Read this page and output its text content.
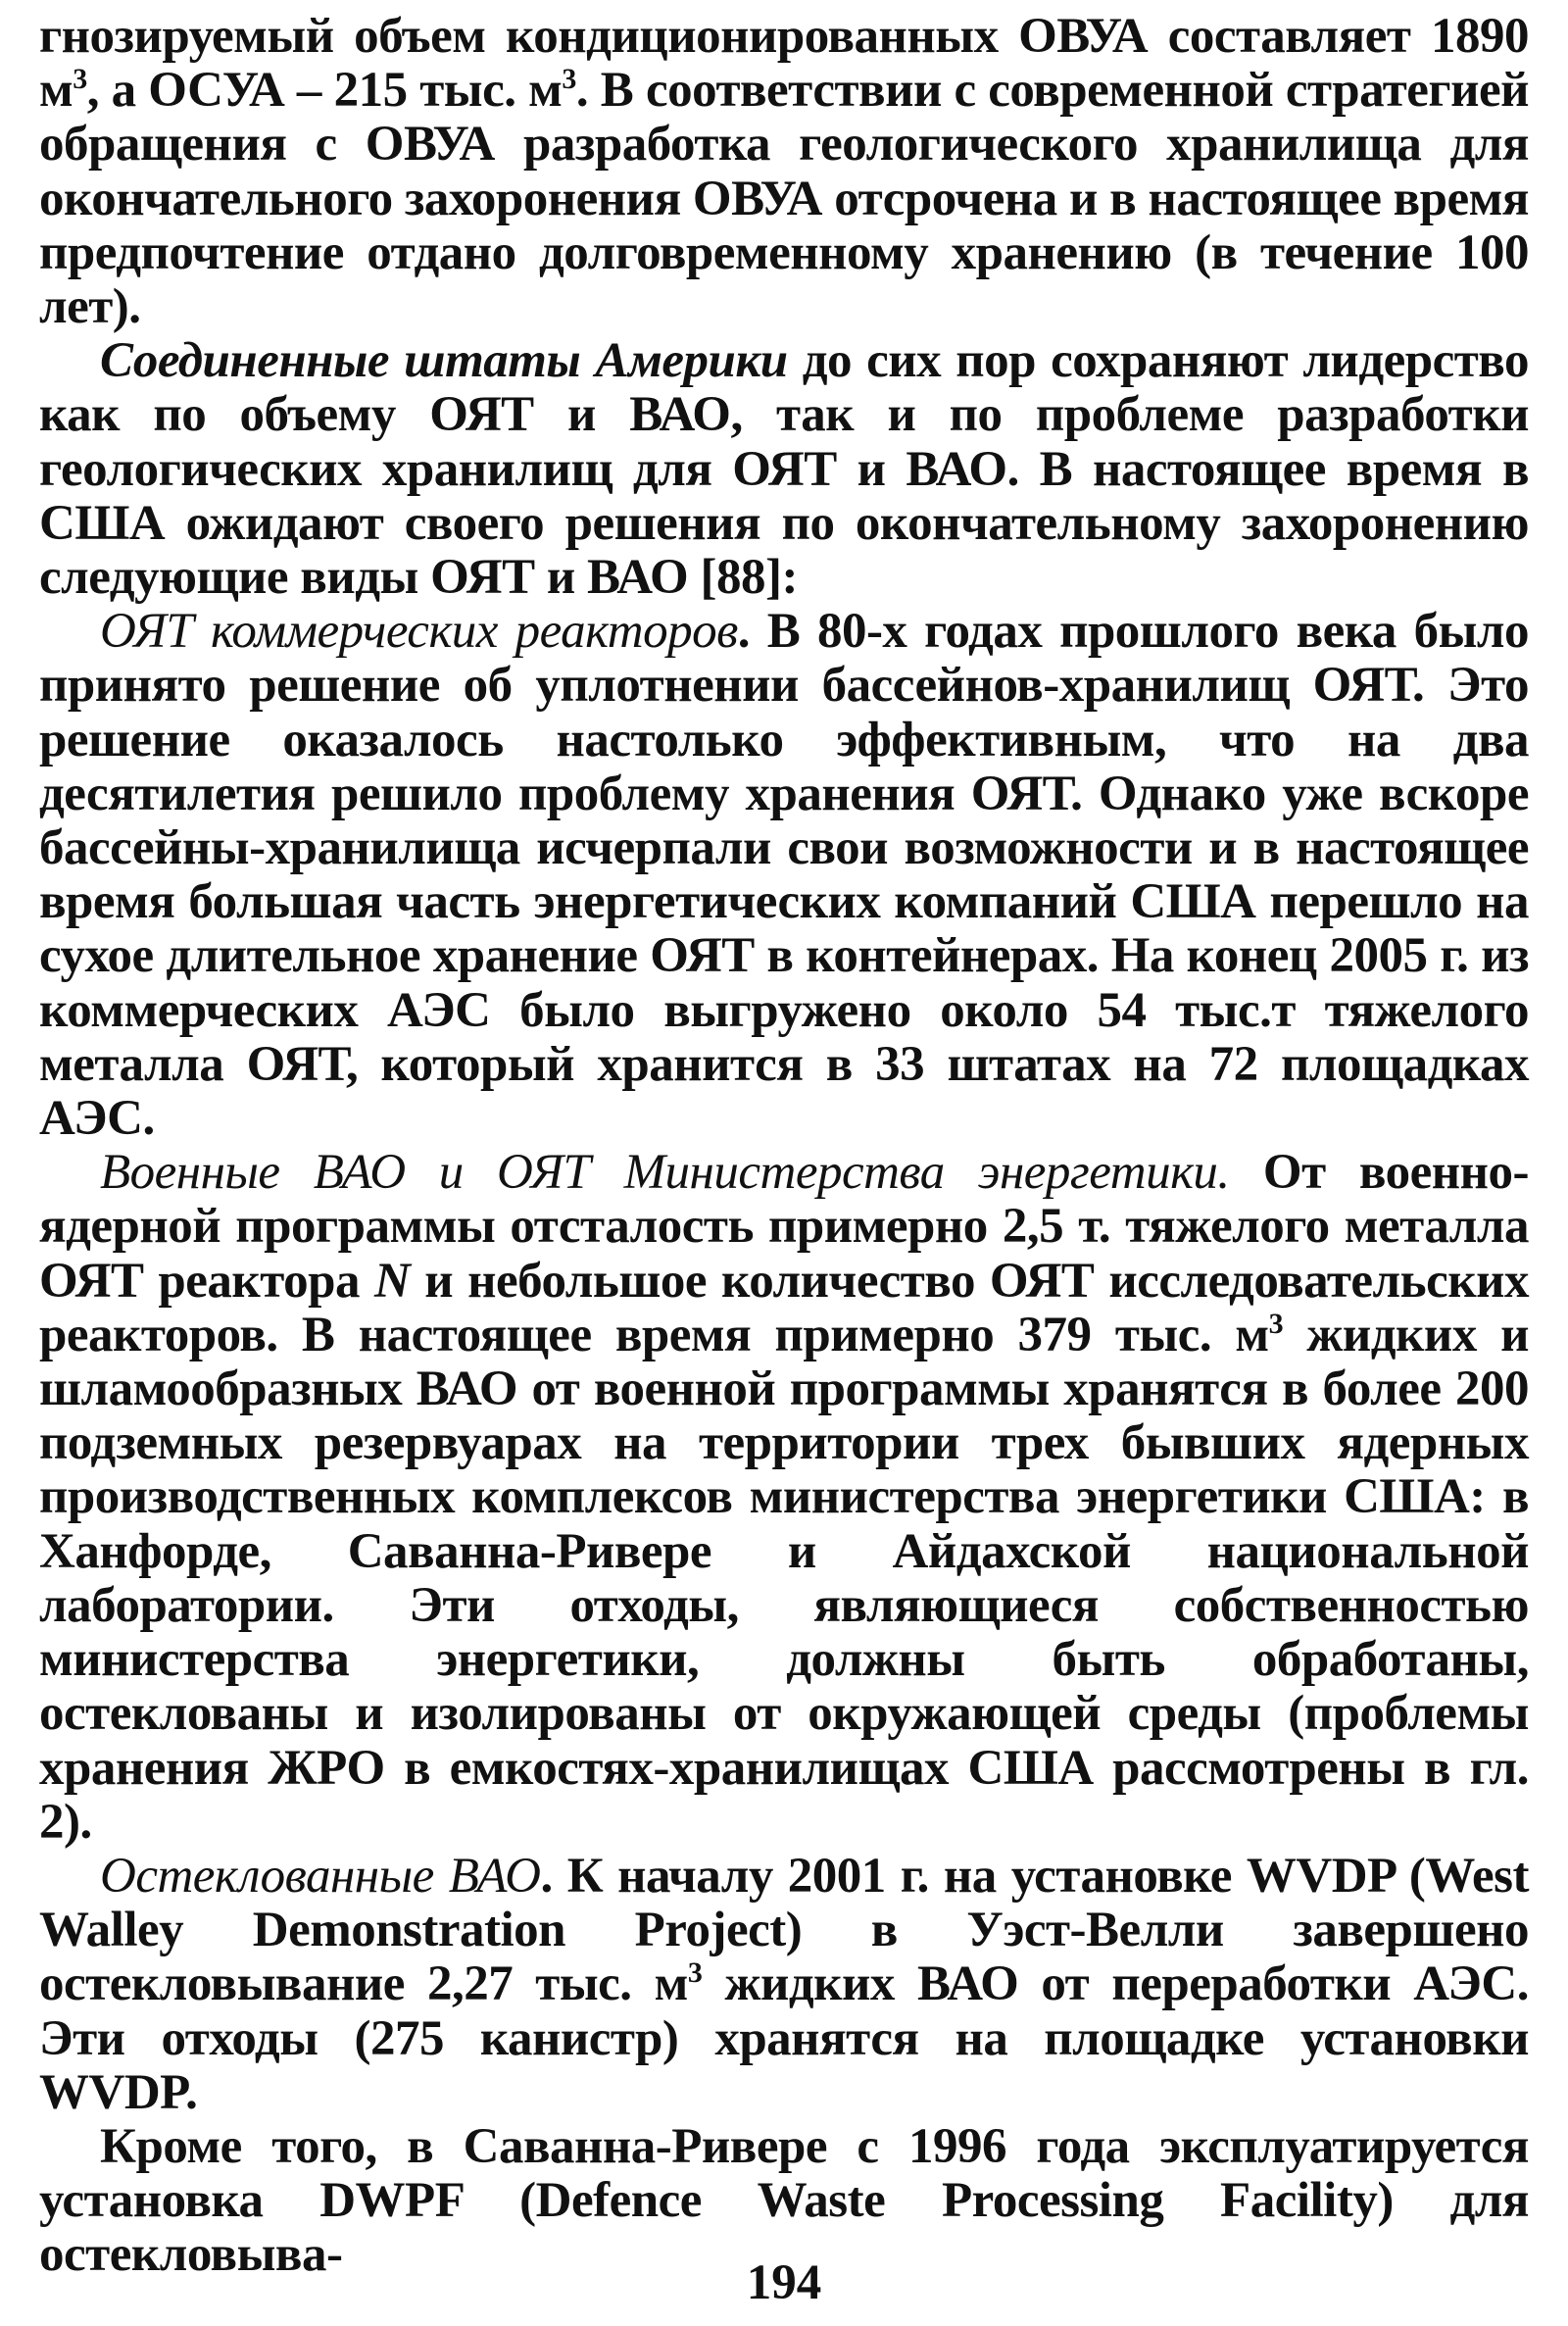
гнозируемый объем кондиционированных ОВУА составляет 1890 $м^3$, а ОСУА – 215 тыс. $м^3$. В соответствии с современной стратегией обращения с ОВУА разработка геологического хранилища для окончательного захоронения ОВУА отсрочена и в настоящее время предпочтение отдано долговременному хранению (в течение 100 лет).

Соединенные штаты Америки до сих пор сохраняют лидерство как по объему ОЯТ и ВАО, так и по проблеме разработки геологических хранилищ для ОЯТ и ВАО. В настоящее время в США ожидают своего решения по окончательному захоронению следующие виды ОЯТ и ВАО [88]:

ОЯТ коммерческих реакторов. В 80-х годах прошлого века было принято решение об уплотнении бассейнов-хранилищ ОЯТ. Это решение оказалось настолько эффективным, что на два десятилетия решило проблему хранения ОЯТ. Однако уже вскоре бассейны-хранилища исчерпали свои возможности и в настоящее время большая часть энергетических компаний США перешло на сухое длительное хранение ОЯТ в контейнерах. На конец 2005 г. из коммерческих АЭС было выгружено около 54 тыс.т тяжелого металла ОЯТ, который хранится в 33 штатах на 72 площадках АЭС.

Военные ВАО и ОЯТ Министерства энергетики. От военно-ядерной программы отсталость примерно 2,5 т. тяжелого металла ОЯТ реактора N и небольшое количество ОЯТ исследовательских реакторов. В настоящее время примерно 379 тыс. $м^3$ жидких и шламообразных ВАО от военной программы хранятся в более 200 подземных резервуарах на территории трех бывших ядерных производственных комплексов министерства энергетики США: в Ханфорде, Саванна-Ривере и Айдахской национальной лаборатории. Эти отходы, являющиеся собственностью министерства энергетики, должны быть обработаны, остеклованы и изолированы от окружающей среды (проблемы хранения ЖРО в емкостях-хранилищах США рассмотрены в гл. 2).

Остеклованные ВАО. К началу 2001 г. на установке WVDP (West Walley Demonstration Project) в Уэст-Велли завершено остекловывание 2,27 тыс. $м^3$ жидких ВАО от переработки АЭС. Эти отходы (275 канистр) хранятся на площадке установки WVDP.

Кроме того, в Саванна-Ривере с 1996 года эксплуатируется установка DWPF (Defence Waste Processing Facility) для остекловыва-

194
